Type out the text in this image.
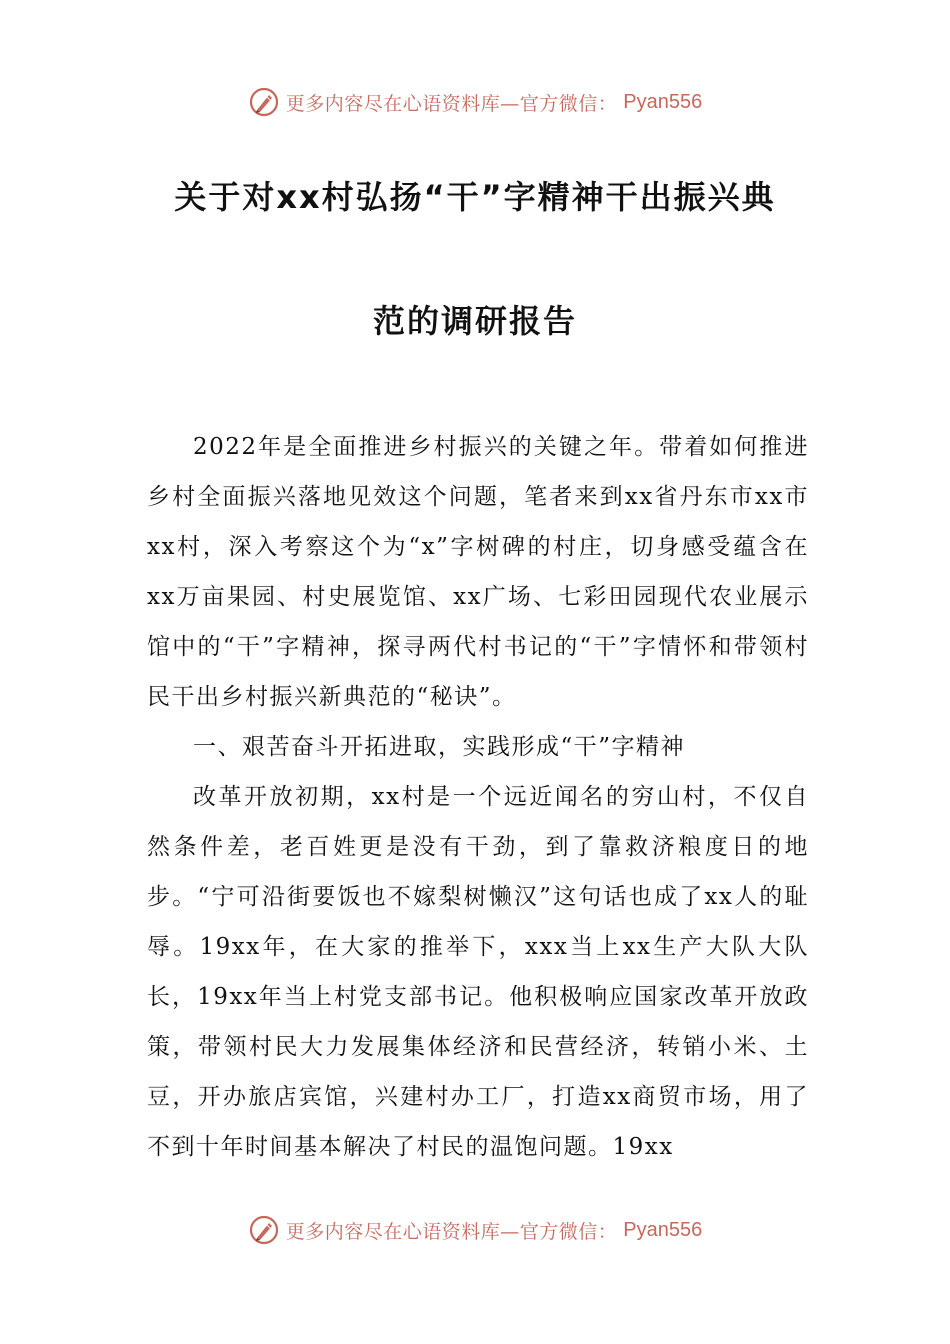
更多内容尽在心语资料库—官方微信： Pyan556
关于对xx村弘扬“干”字精神干出振兴典
范的调研报告

2022年是全面推进乡村振兴的关键之年。带着如何推进乡村全面振兴落地见效这个问题，笔者来到xx省丹东市xx市xx村，深入考察这个为“x”字树碑的村庄，切身感受蕴含在xx万亩果园、村史展览馆、xx广场、七彩田园现代农业展示馆中的“干”字精神，探寻两代村书记的“干”字情怀和带领村民干出乡村振兴新典范的“秘诀”。

一、艰苦奋斗开拓进取，实践形成“干”字精神

改革开放初期，xx村是一个远近闻名的穷山村，不仅自然条件差，老百姓更是没有干劲，到了靠救济粮度日的地步。“宁可沿街要饭也不嫁梨树懒汉”这句话也成了xx人的耻辱。19xx年，在大家的推举下，xxx当上xx生产大队大队长，19xx年当上村党支部书记。他积极响应国家改革开放政策，带领村民大力发展集体经济和民营经济，转销小米、土豆，开办旅店宾馆，兴建村办工厂，打造xx商贸市场，用了不到十年时间基本解决了村民的温饱问题。19xx

更多内容尽在心语资料库—官方微信： Pyan556
